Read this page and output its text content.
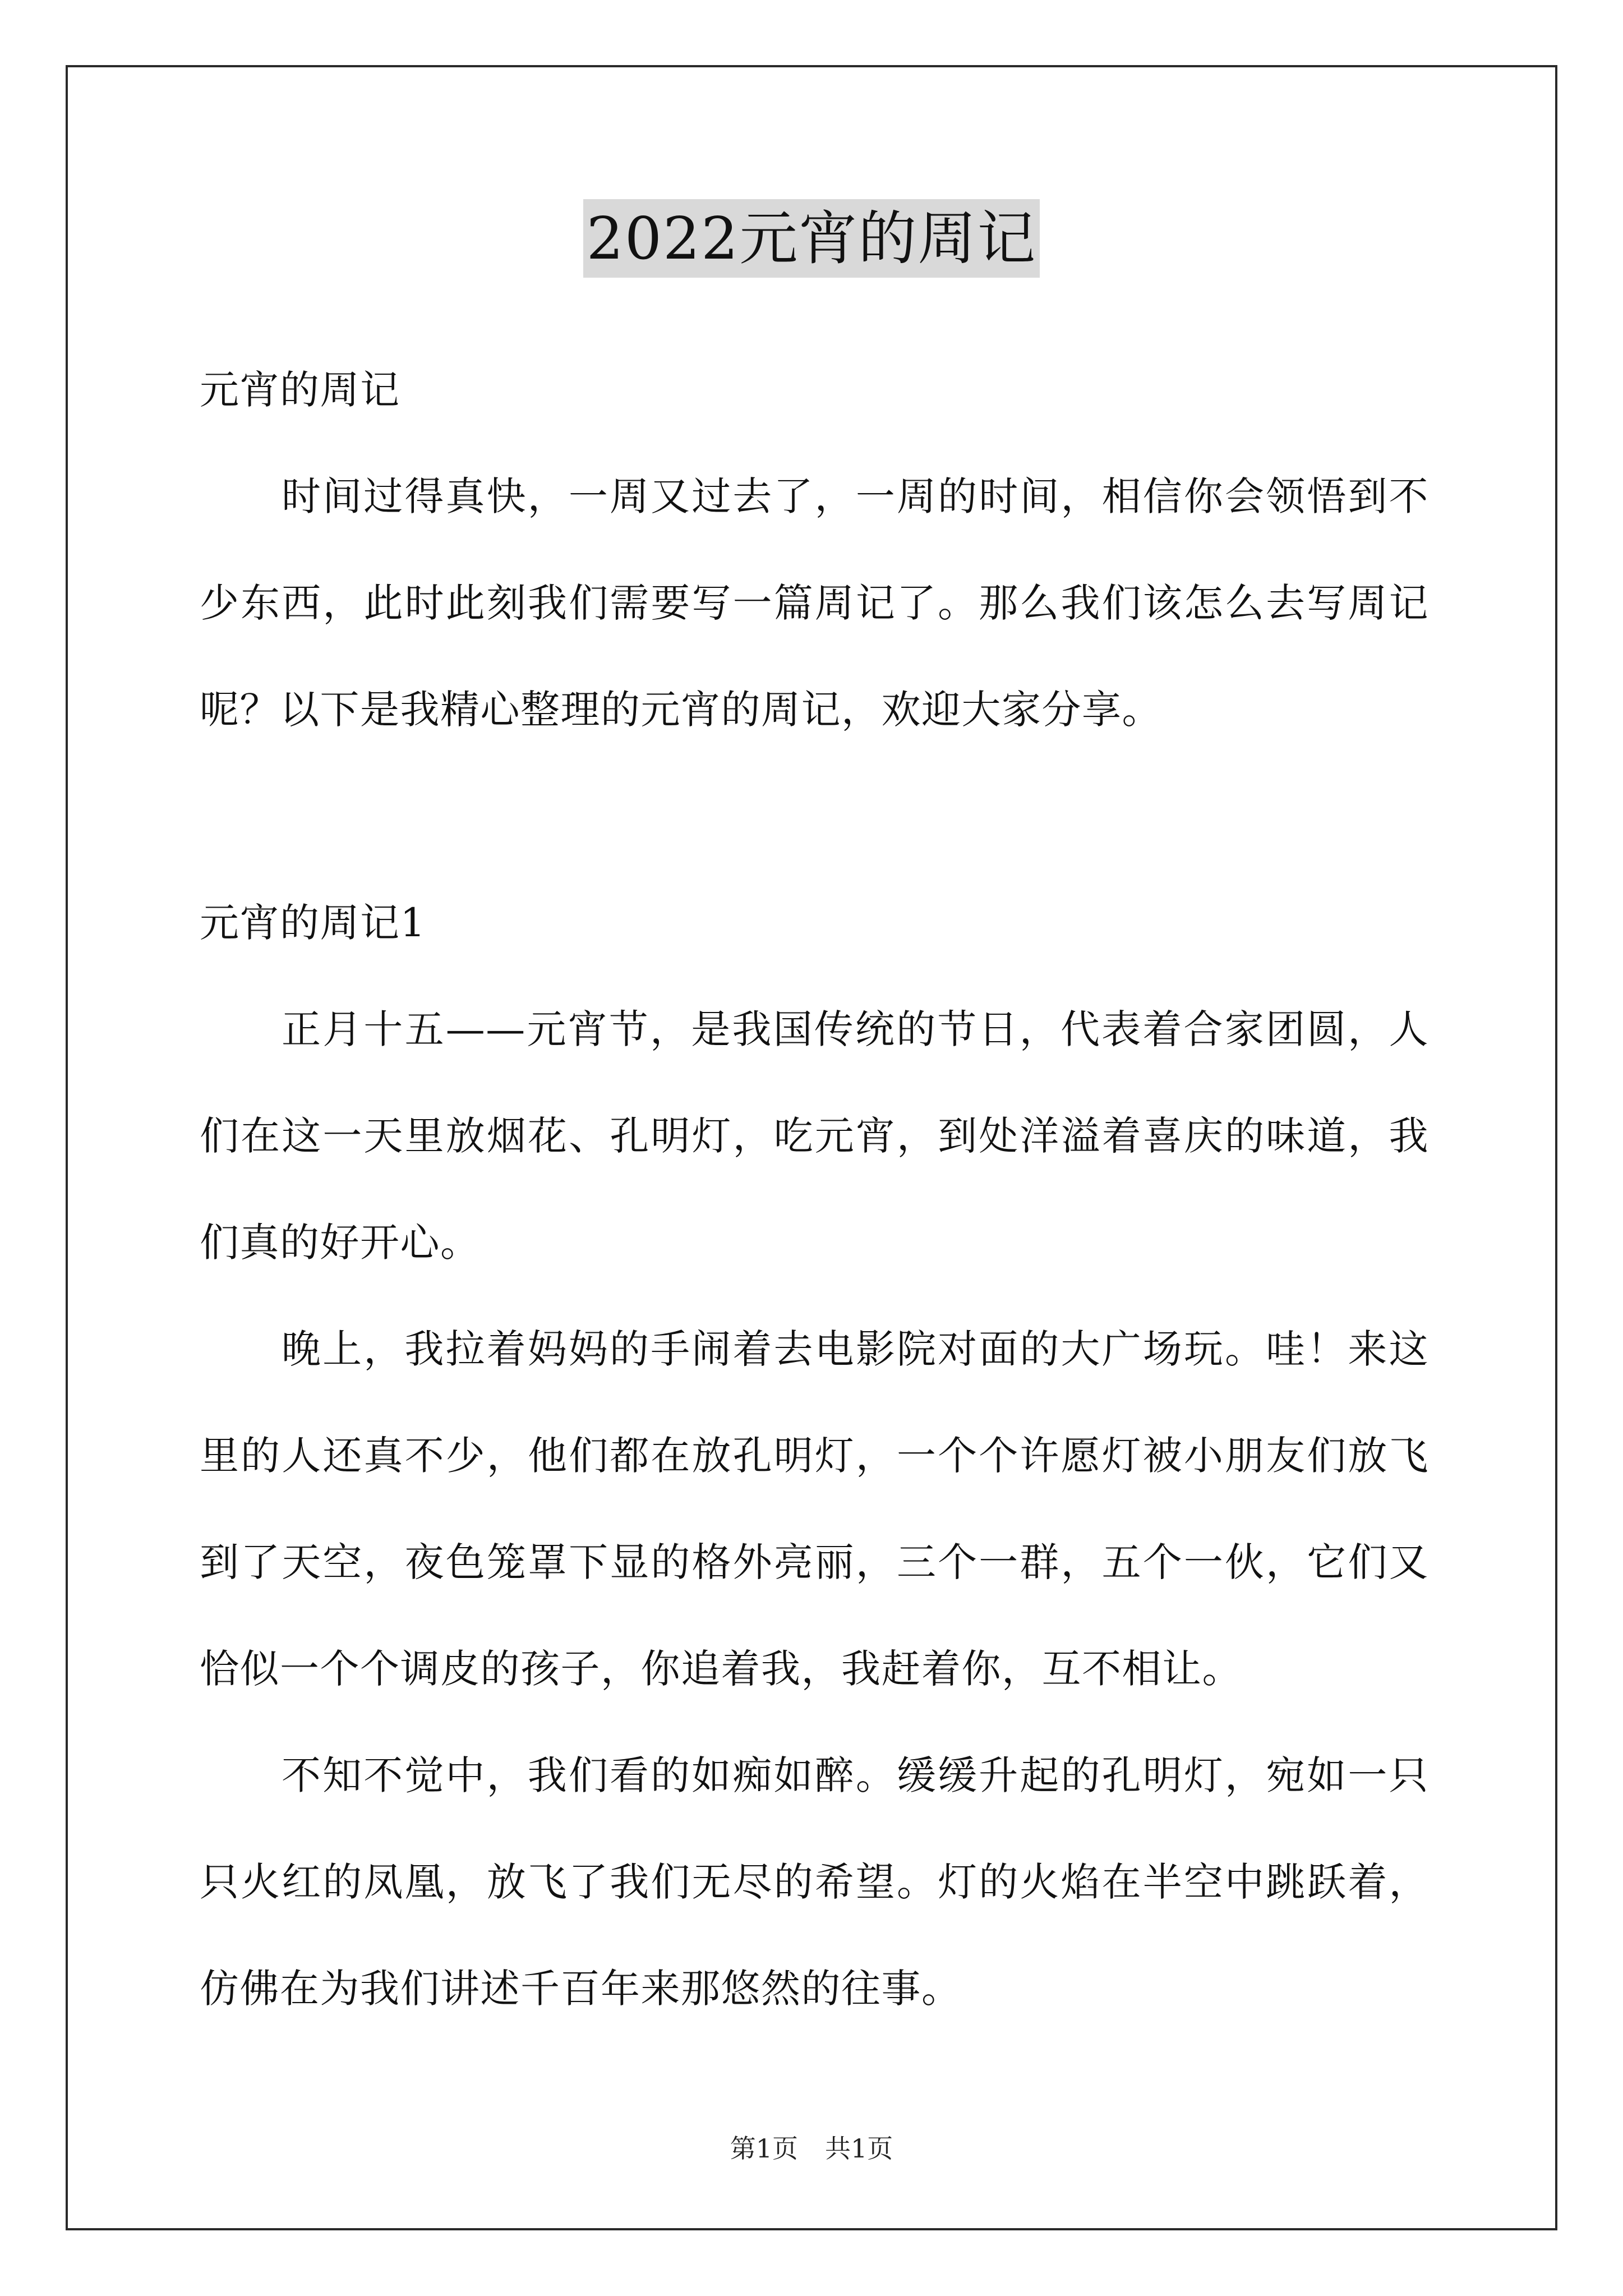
2022元宵的周记

元宵的周记

时间过得真快，一周又过去了，一周的时间，相信你会领悟到不少东西，此时此刻我们需要写一篇周记了。那么我们该怎么去写周记呢？以下是我精心整理的元宵的周记，欢迎大家分享。

元宵的周记1

正月十五——元宵节，是我国传统的节日，代表着合家团圆，人们在这一天里放烟花、孔明灯，吃元宵，到处洋溢着喜庆的味道，我们真的好开心。

晚上，我拉着妈妈的手闹着去电影院对面的大广场玩。哇！来这里的人还真不少，他们都在放孔明灯，一个个许愿灯被小朋友们放飞到了天空，夜色笼罩下显的格外亮丽，三个一群，五个一伙，它们又恰似一个个调皮的孩子，你追着我，我赶着你，互不相让。

不知不觉中，我们看的如痴如醉。缓缓升起的孔明灯，宛如一只只火红的凤凰，放飞了我们无尽的希望。灯的火焰在半空中跳跃着，仿佛在为我们讲述千百年来那悠然的往事。

第1页 共1页
